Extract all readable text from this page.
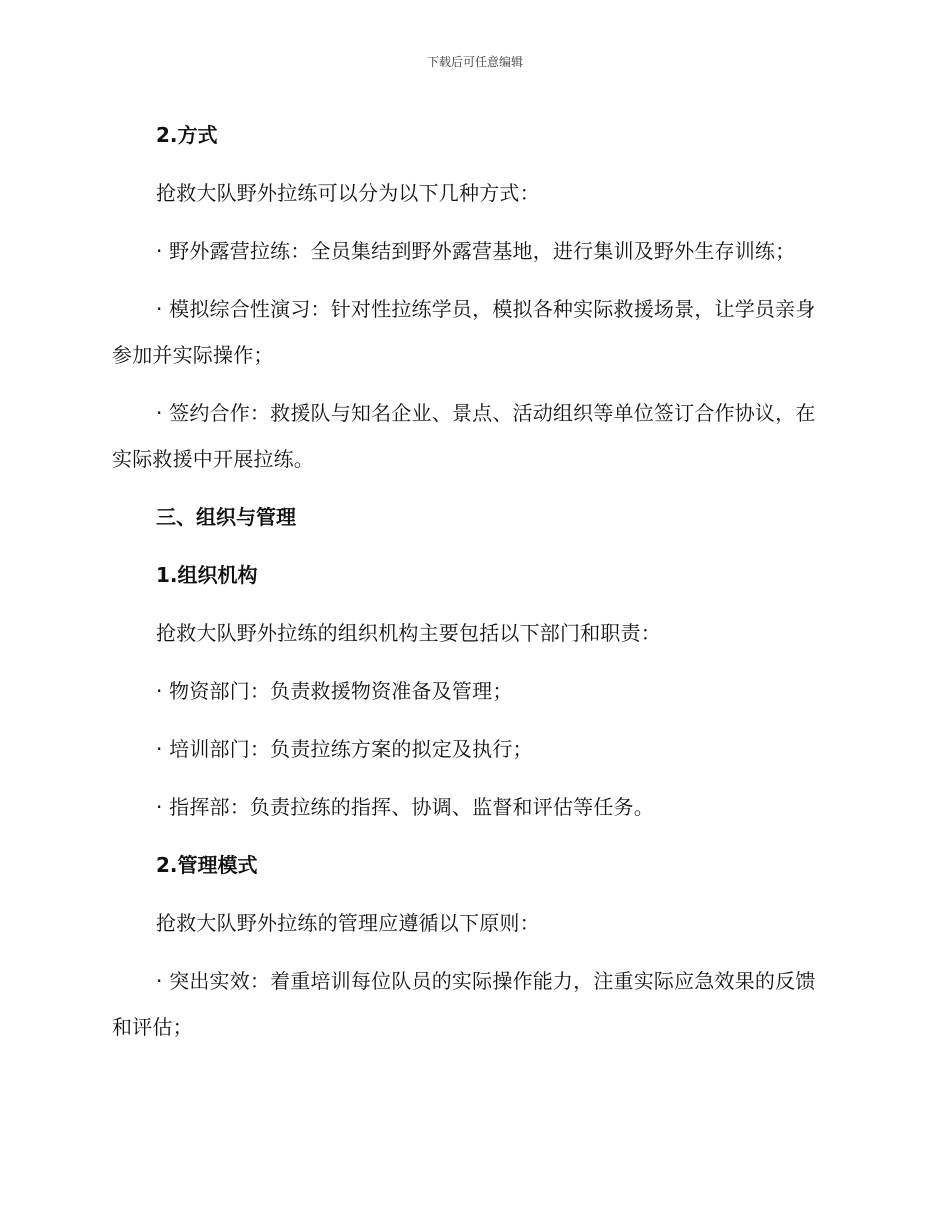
下载后可任意编辑
2.方式
抢救大队野外拉练可以分为以下几种方式：
· 野外露营拉练：全员集结到野外露营基地，进行集训及野外生存训练；
· 模拟综合性演习：针对性拉练学员，模拟各种实际救援场景，让学员亲身参加并实际操作；
· 签约合作：救援队与知名企业、景点、活动组织等单位签订合作协议，在实际救援中开展拉练。
三、组织与管理
1.组织机构
抢救大队野外拉练的组织机构主要包括以下部门和职责：
· 物资部门：负责救援物资准备及管理；
· 培训部门：负责拉练方案的拟定及执行；
· 指挥部：负责拉练的指挥、协调、监督和评估等任务。
2.管理模式
抢救大队野外拉练的管理应遵循以下原则：
· 突出实效：着重培训每位队员的实际操作能力，注重实际应急效果的反馈和评估；
